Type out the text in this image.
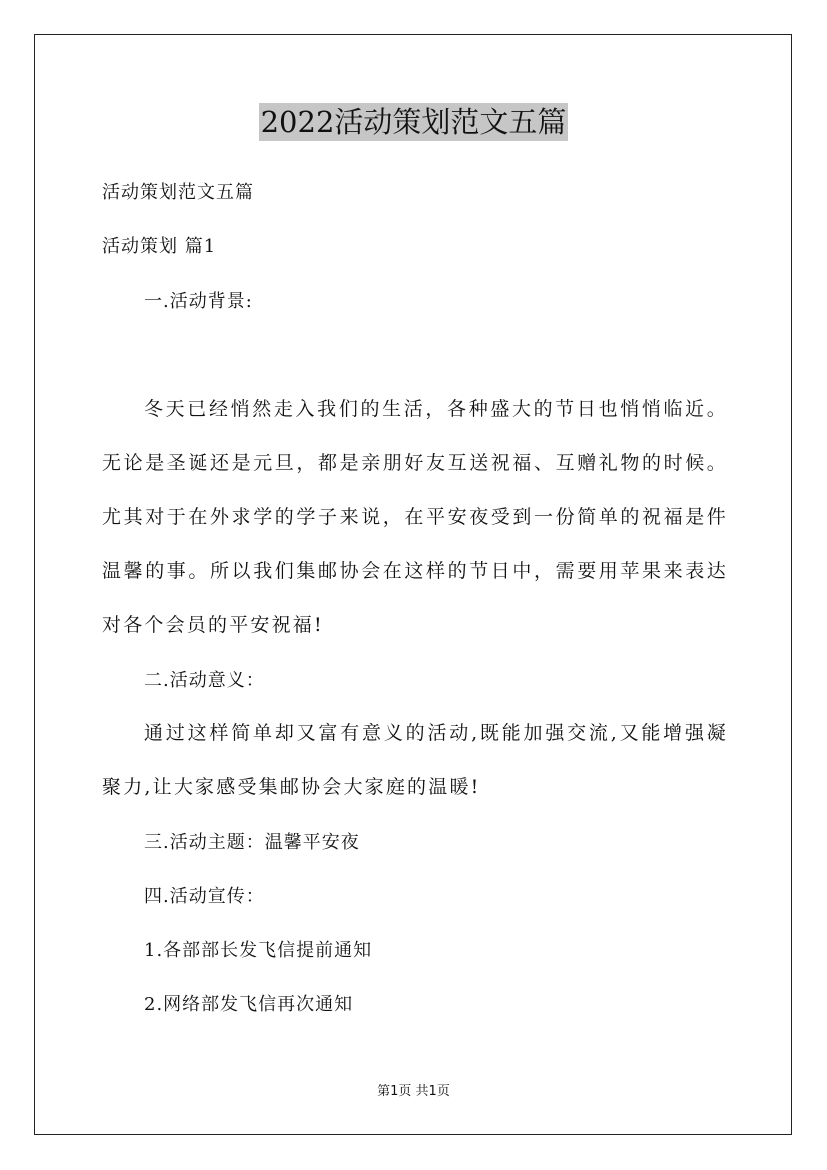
2022活动策划范文五篇
活动策划范文五篇
活动策划 篇1
一.活动背景:
冬天已经悄然走入我们的生活，各种盛大的节日也悄悄临近。无论是圣诞还是元旦，都是亲朋好友互送祝福、互赠礼物的时候。尤其对于在外求学的学子来说，在平安夜受到一份简单的祝福是件温馨的事。所以我们集邮协会在这样的节日中，需要用苹果来表达对各个会员的平安祝福!
二.活动意义：
通过这样简单却又富有意义的活动,既能加强交流,又能增强凝聚力,让大家感受集邮协会大家庭的温暖!
三.活动主题：温馨平安夜
四.活动宣传：
1.各部部长发飞信提前通知
2.网络部发飞信再次通知
第1页 共1页
